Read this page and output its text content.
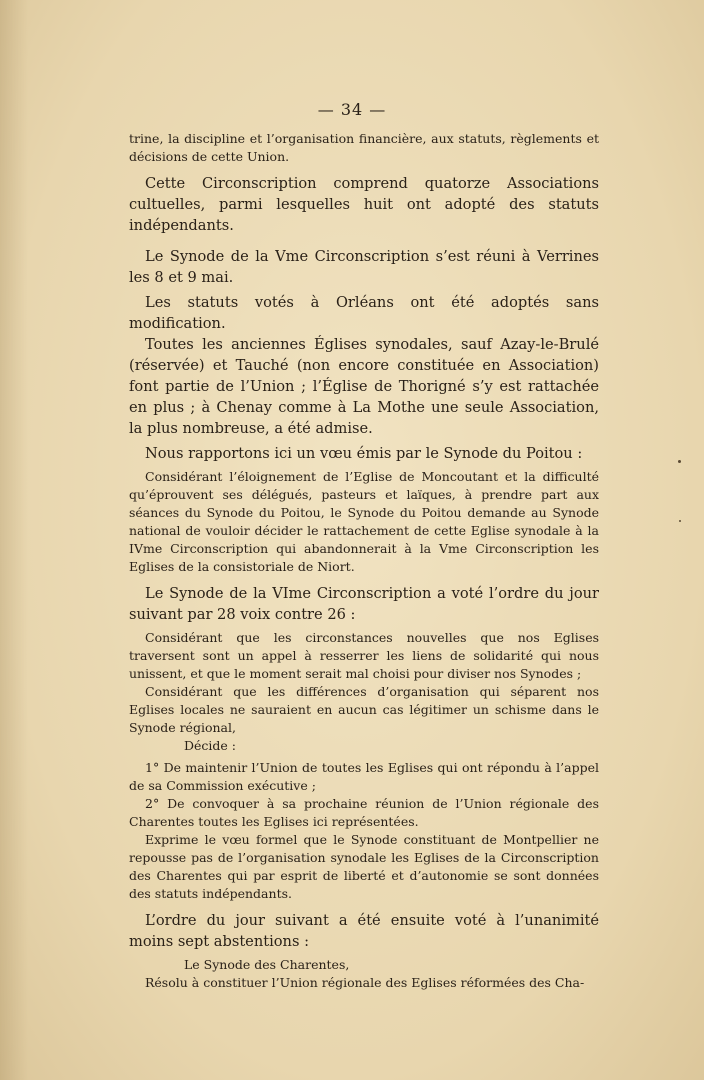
— 34 —

trine, la discipline et l’organisation financière, aux statuts, règlements et décisions de cette Union.

Cette Circonscription comprend quatorze Associations cultuelles, parmi lesquelles huit ont adopté des statuts indépendants.

Le Synode de la Vme Circonscription s’est réuni à Verrines les 8 et 9 mai.

Les statuts votés à Orléans ont été adoptés sans modification.

Toutes les anciennes Églises synodales, sauf Azay-le-Brulé (réservée) et Tauché (non encore constituée en Association) font partie de l’Union ; l’Église de Thorigné s’y est rattachée en plus ; à Chenay comme à La Mothe une seule Association, la plus nombreuse, a été admise.

Nous rapportons ici un vœu émis par le Synode du Poitou :

Considérant l’éloignement de l’Eglise de Moncoutant et la difficulté qu’éprouvent ses délégués, pasteurs et laïques, à prendre part aux séances du Synode du Poitou, le Synode du Poitou demande au Synode national de vouloir décider le rattachement de cette Eglise synodale à la IVme Circonscription qui abandonnerait à la Vme Circonscription les Eglises de la consistoriale de Niort.

Le Synode de la VIme Circonscription a voté l’ordre du jour suivant par 28 voix contre 26 :

Considérant que les circonstances nouvelles que nos Eglises traversent sont un appel à resserrer les liens de solidarité qui nous unissent, et que le moment serait mal choisi pour diviser nos Synodes ;

Considérant que les différences d’organisation qui séparent nos Eglises locales ne sauraient en aucun cas légitimer un schisme dans le Synode régional,

Décide :

1° De maintenir l’Union de toutes les Eglises qui ont répondu à l’appel de sa Commission exécutive ;

2° De convoquer à sa prochaine réunion de l’Union régionale des Charentes toutes les Eglises ici représentées.

Exprime le vœu formel que le Synode constituant de Montpellier ne repousse pas de l’organisation synodale les Eglises de la Circonscription des Charentes qui par esprit de liberté et d’autonomie se sont données des statuts indépendants.

L’ordre du jour suivant a été ensuite voté à l’unanimité moins sept abstentions :

Le Synode des Charentes,

Résolu à constituer l’Union régionale des Eglises réformées des Cha-
